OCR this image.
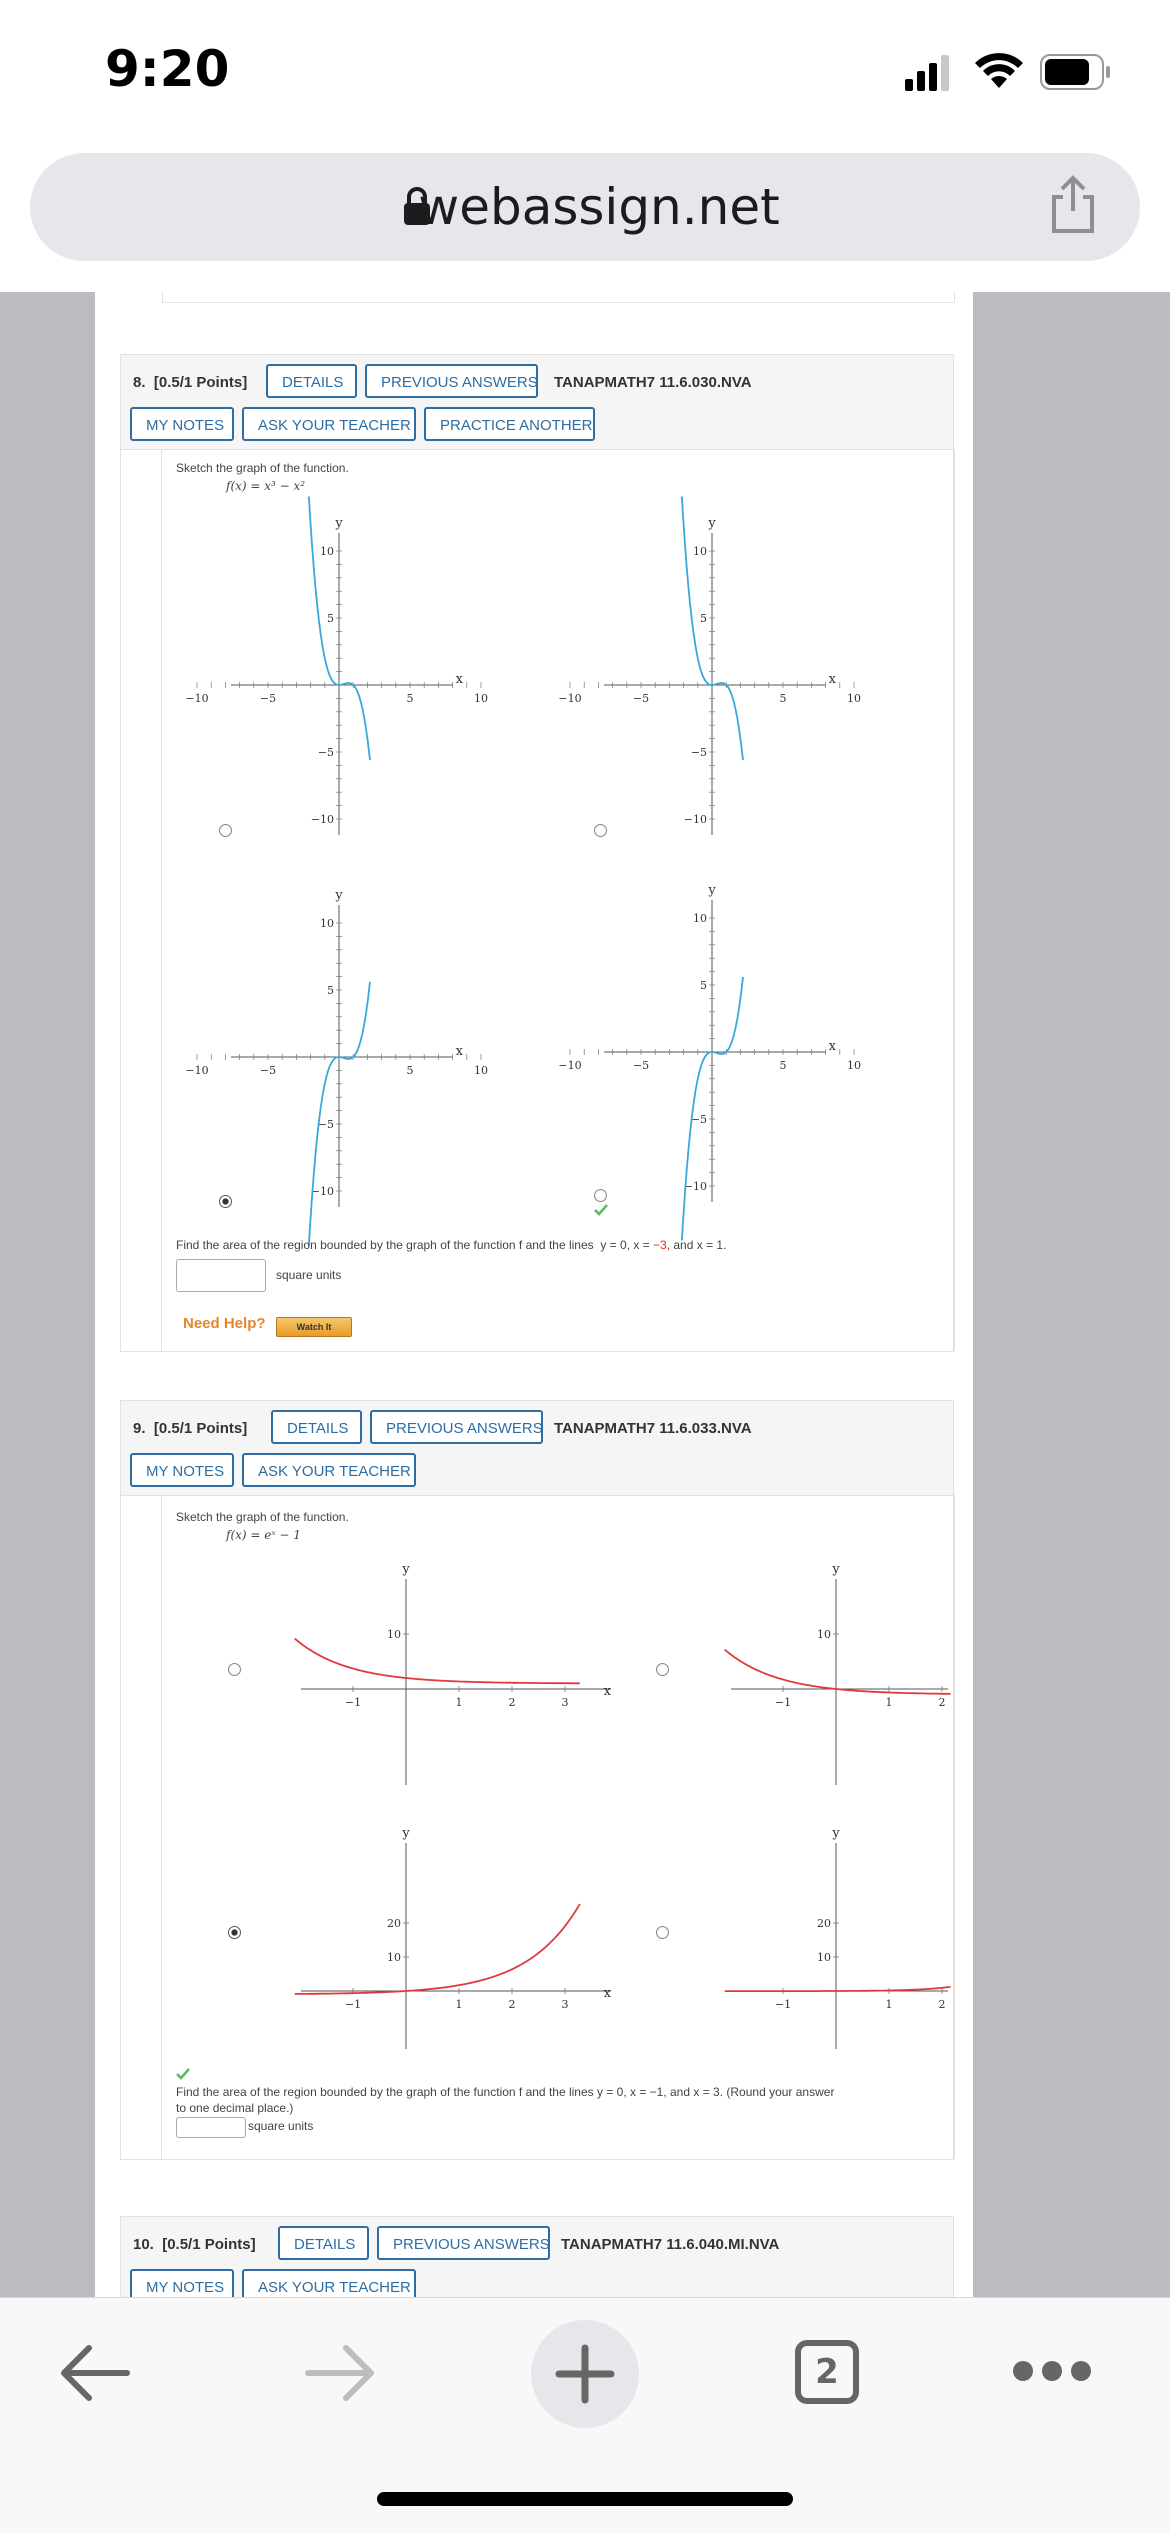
9:20
webassign.net
8. [0.5/1 Points]	DETAILS	PREVIOUS ANSWERS TANAPMATH7 11.6.030.NVA
MY NOTES	ASK YOUR TEACHER	PRACTICE ANOTHER
Sketch the graph of the function.
f(x) = x³ − x²
−10	−5	5	10
10
5
−5
−10
x
y
−10	−5	5	10
10
5
−5
−10
x
y
−10	−5	5	10
10
5
−5
−10
x
y
−10	−5	5	10
10
5
−5
−10
x
y
Find the area of the region bounded by the graph of the function f and the lines y = 0, x = −3, and x = 1.
square units
Need Help?	Watch It
9. [0.5/1 Points]	DETAILS	PREVIOUS ANSWERS TANAPMATH7 11.6.033.NVA
MY NOTES	ASK YOUR TEACHER
Sketch the graph of the function.
f(x) = eˣ − 1
−1	1	2	3
10
x
y
−1	1	2
10
y
−1	1	2	3
20
10
x
y
−1	1	2
20
10
y
Find the area of the region bounded by the graph of the function f and the lines y = 0, x = −1, and x = 3. (Round your answer
to one decimal place.)
square units
10. [0.5/1 Points]	DETAILS	PREVIOUS ANSWERS TANAPMATH7 11.6.040.MI.NVA
MY NOTES	ASK YOUR TEACHER
2
